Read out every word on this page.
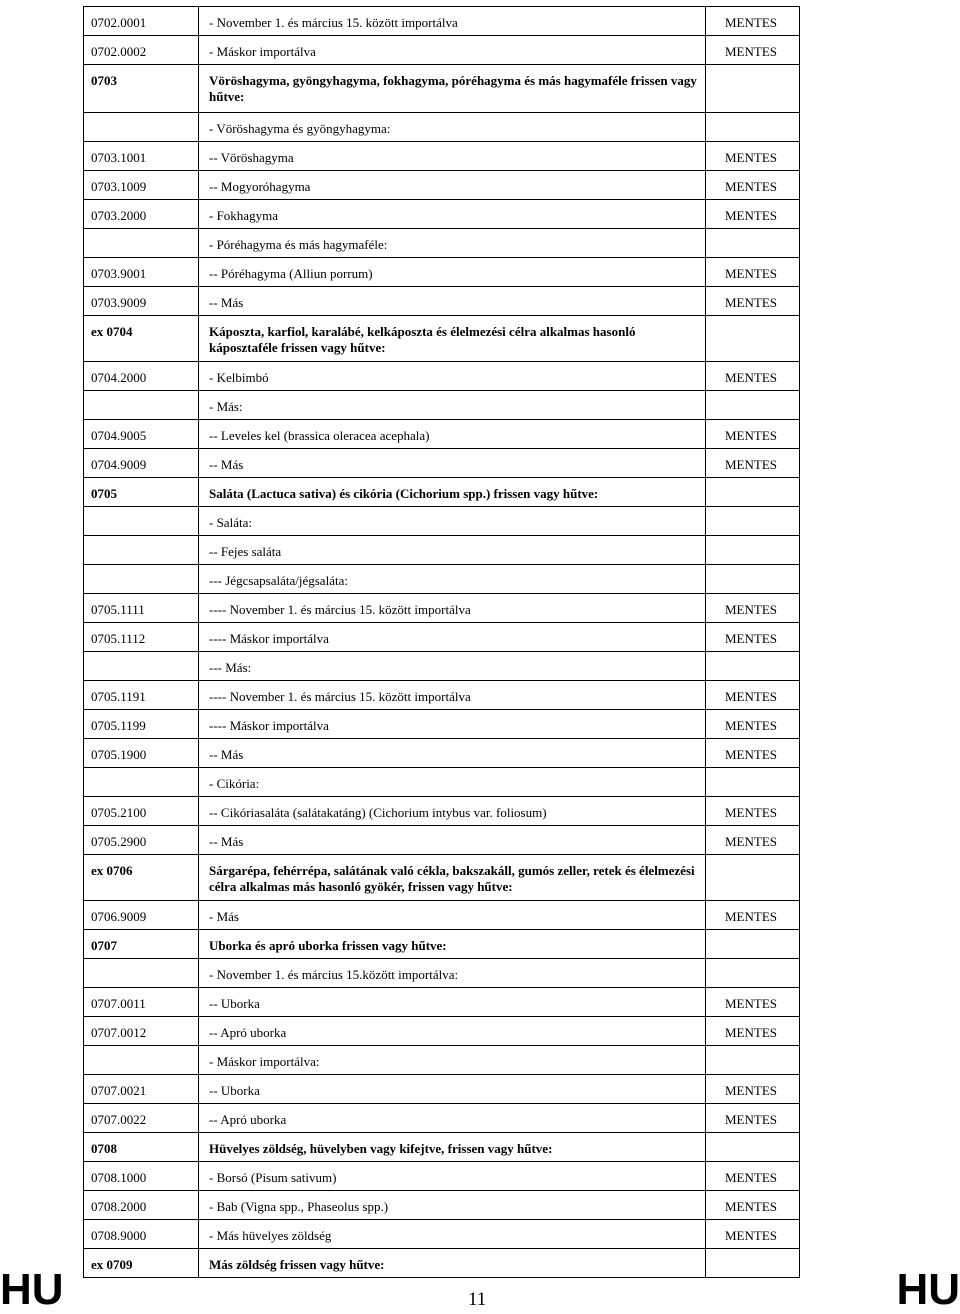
0702.0001	- November 1. és március 15. között importálva	MENTES

0702.0002	- Máskor importálva	MENTES

0703	Vöröshagyma, gyöngyhagyma, fokhagyma, póréhagyma és más hagymaféle frissen vagy hűtve:	

	- Vöröshagyma és gyöngyhagyma:	

0703.1001	-- Vöröshagyma	MENTES

0703.1009	-- Mogyoróhagyma	MENTES

0703.2000	- Fokhagyma	MENTES

	- Póréhagyma és más hagymaféle:	

0703.9001	-- Póréhagyma (Alliun porrum)	MENTES

0703.9009	-- Más	MENTES

ex 0704	Káposzta, karfiol, karalábé, kelkáposzta és élelmezési célra alkalmas hasonló káposztaféle frissen vagy hűtve:	

0704.2000	- Kelbimbó	MENTES

	- Más:	

0704.9005	-- Leveles kel (brassica oleracea acephala)	MENTES

0704.9009	-- Más	MENTES

0705	Saláta (Lactuca sativa) és cikória (Cichorium spp.) frissen vagy hűtve:	

	- Saláta:	

	-- Fejes saláta	

	--- Jégcsapsaláta/jégsaláta:	

0705.1111	---- November 1. és március 15. között importálva	MENTES

0705.1112	---- Máskor importálva	MENTES

	--- Más:	

0705.1191	---- November 1. és március 15. között importálva	MENTES

0705.1199	---- Máskor importálva	MENTES

0705.1900	-- Más	MENTES

	- Cikória:	

0705.2100	-- Cikóriasaláta (salátakatáng) (Cichorium intybus var. foliosum)	MENTES

0705.2900	-- Más	MENTES

ex 0706	Sárgarépa, fehérrépa, salátának való cékla, bakszakáll, gumós zeller, retek és élelmezési célra alkalmas más hasonló gyökér, frissen vagy hűtve:	

0706.9009	- Más	MENTES

0707	Uborka és apró uborka frissen vagy hűtve:	

	- November 1. és március 15.között importálva:	

0707.0011	-- Uborka	MENTES

0707.0012	-- Apró uborka	MENTES

	- Máskor importálva:	

0707.0021	-- Uborka	MENTES

0707.0022	-- Apró uborka	MENTES

0708	Hüvelyes zöldség, hüvelyben vagy kifejtve, frissen vagy hűtve:	

0708.1000	- Borsó (Pisum sativum)	MENTES

0708.2000	- Bab (Vigna spp., Phaseolus spp.)	MENTES

0708.9000	- Más hüvelyes zöldség	MENTES

ex 0709	Más zöldség frissen vagy hűtve:	

HU	11	HU
